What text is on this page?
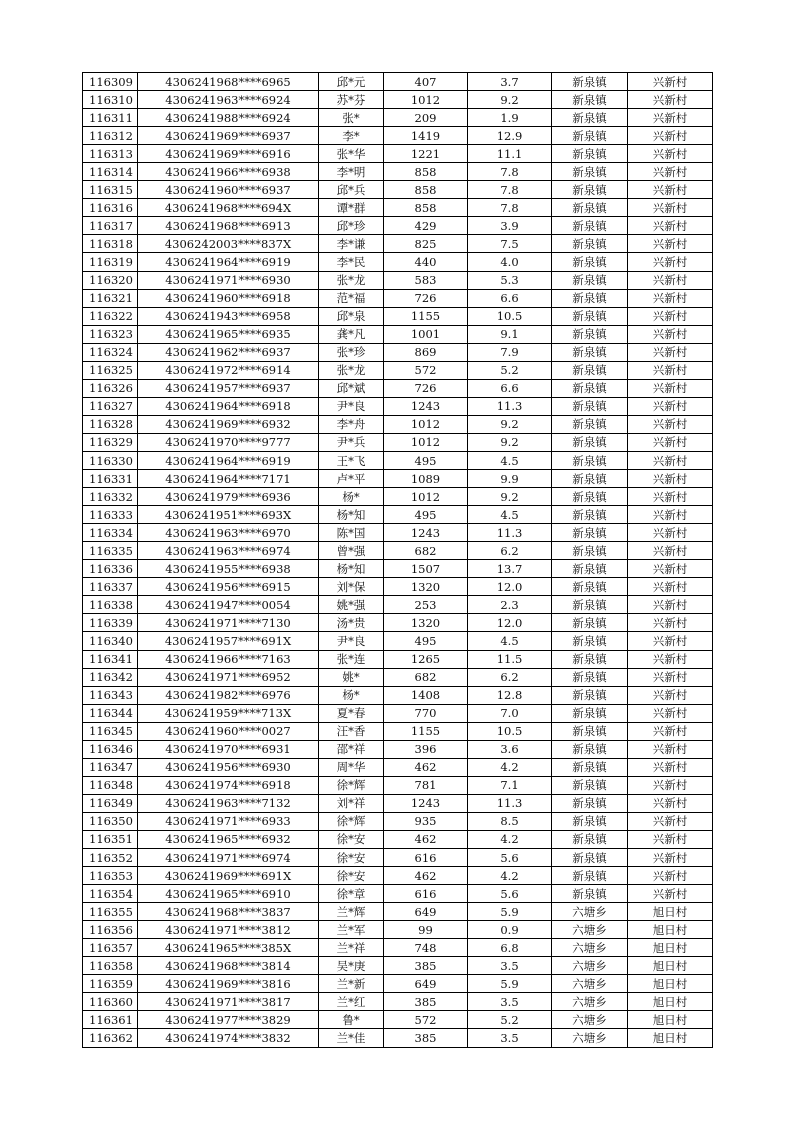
116309	4306241968****6965	邱*元	407	3.7	新泉镇	兴新村
116310	4306241963****6924	苏*芬	1012	9.2	新泉镇	兴新村
116311	4306241988****6924	张*	209	1.9	新泉镇	兴新村
116312	4306241969****6937	李*	1419	12.9	新泉镇	兴新村
116313	4306241969****6916	张*华	1221	11.1	新泉镇	兴新村
116314	4306241966****6938	李*明	858	7.8	新泉镇	兴新村
116315	4306241960****6937	邱*兵	858	7.8	新泉镇	兴新村
116316	4306241968****694X	谭*群	858	7.8	新泉镇	兴新村
116317	4306241968****6913	邱*珍	429	3.9	新泉镇	兴新村
116318	4306242003****837X	李*谦	825	7.5	新泉镇	兴新村
116319	4306241964****6919	李*民	440	4.0	新泉镇	兴新村
116320	4306241971****6930	张*龙	583	5.3	新泉镇	兴新村
116321	4306241960****6918	范*福	726	6.6	新泉镇	兴新村
116322	4306241943****6958	邱*泉	1155	10.5	新泉镇	兴新村
116323	4306241965****6935	龚*凡	1001	9.1	新泉镇	兴新村
116324	4306241962****6937	张*珍	869	7.9	新泉镇	兴新村
116325	4306241972****6914	张*龙	572	5.2	新泉镇	兴新村
116326	4306241957****6937	邱*斌	726	6.6	新泉镇	兴新村
116327	4306241964****6918	尹*良	1243	11.3	新泉镇	兴新村
116328	4306241969****6932	李*舟	1012	9.2	新泉镇	兴新村
116329	4306241970****9777	尹*兵	1012	9.2	新泉镇	兴新村
116330	4306241964****6919	王*飞	495	4.5	新泉镇	兴新村
116331	4306241964****7171	卢*平	1089	9.9	新泉镇	兴新村
116332	4306241979****6936	杨*	1012	9.2	新泉镇	兴新村
116333	4306241951****693X	杨*知	495	4.5	新泉镇	兴新村
116334	4306241963****6970	陈*国	1243	11.3	新泉镇	兴新村
116335	4306241963****6974	曾*强	682	6.2	新泉镇	兴新村
116336	4306241955****6938	杨*知	1507	13.7	新泉镇	兴新村
116337	4306241956****6915	刘*保	1320	12.0	新泉镇	兴新村
116338	4306241947****0054	姚*强	253	2.3	新泉镇	兴新村
116339	4306241971****7130	汤*贵	1320	12.0	新泉镇	兴新村
116340	4306241957****691X	尹*良	495	4.5	新泉镇	兴新村
116341	4306241966****7163	张*连	1265	11.5	新泉镇	兴新村
116342	4306241971****6952	姚*	682	6.2	新泉镇	兴新村
116343	4306241982****6976	杨*	1408	12.8	新泉镇	兴新村
116344	4306241959****713X	夏*春	770	7.0	新泉镇	兴新村
116345	4306241960****0027	汪*香	1155	10.5	新泉镇	兴新村
116346	4306241970****6931	邵*祥	396	3.6	新泉镇	兴新村
116347	4306241956****6930	周*华	462	4.2	新泉镇	兴新村
116348	4306241974****6918	徐*辉	781	7.1	新泉镇	兴新村
116349	4306241963****7132	刘*祥	1243	11.3	新泉镇	兴新村
116350	4306241971****6933	徐*辉	935	8.5	新泉镇	兴新村
116351	4306241965****6932	徐*安	462	4.2	新泉镇	兴新村
116352	4306241971****6974	徐*安	616	5.6	新泉镇	兴新村
116353	4306241969****691X	徐*安	462	4.2	新泉镇	兴新村
116354	4306241965****6910	徐*章	616	5.6	新泉镇	兴新村
116355	4306241968****3837	兰*辉	649	5.9	六塘乡	旭日村
116356	4306241971****3812	兰*军	99	0.9	六塘乡	旭日村
116357	4306241965****385X	兰*祥	748	6.8	六塘乡	旭日村
116358	4306241968****3814	吴*庚	385	3.5	六塘乡	旭日村
116359	4306241969****3816	兰*新	649	5.9	六塘乡	旭日村
116360	4306241971****3817	兰*红	385	3.5	六塘乡	旭日村
116361	4306241977****3829	鲁*	572	5.2	六塘乡	旭日村
116362	4306241974****3832	兰*佳	385	3.5	六塘乡	旭日村
